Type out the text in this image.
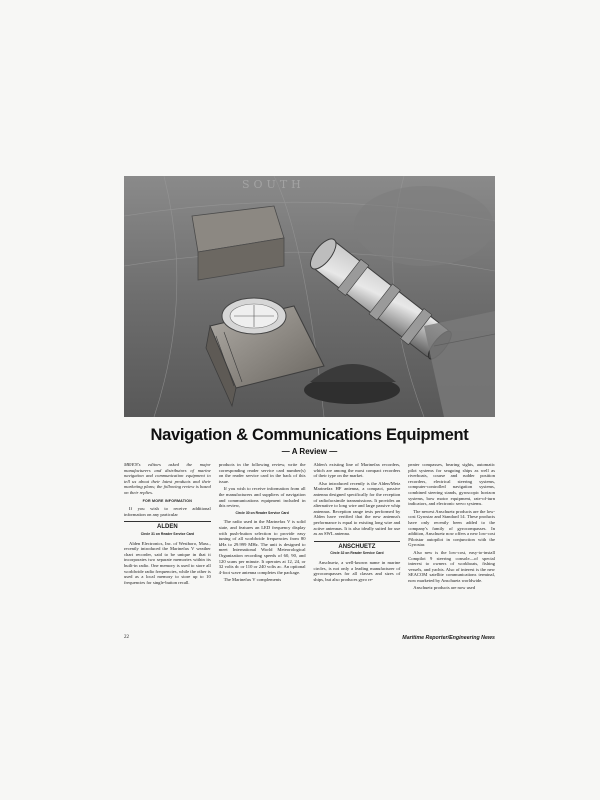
SOUTH
Navigation & Communications Equipment
— A Review —

MR/EN's editors asked the major manufacturers and distributors of marine navigation and communication equipment to tell us about their latest products and their marketing plans; the following review is based on their replies.

FOR MORE INFORMATION

If you wish to receive additional information on any particular

ALDEN
Circle 31 on Reader Service Card

Alden Electronics, Inc. of Westboro, Mass., recently introduced the Marinefax V weather chart recorder, said to be unique in that it incorporates two separate memories within its built-in radio. One memory is used to store all worldwide radio frequencies, while the other is used as a local memory to store up to 10 frequencies for single-button recall.

products in the following review, write the corresponding reader service card number(s) on the reader service card in the back of this issue.

If you wish to receive information from all the manufacturers and suppliers of navigation and communications equipment included in this review,

Circle 30 on Reader Service Card

The radio used in the Marinefax V is solid state, and features an LED frequency display with push-button selection to provide easy tuning of all worldwide frequencies from 80 kHz to 29.999 MHz. The unit is designed to meet International World Meteorological Organization recording speeds of 60, 90, and 120 scans per minute. It operates at 12, 24, or 32 volts dc or 110 or 240 volts ac. An optional 4-foot wave antenna completes the package.

The Marinefax V complements

Alden's existing line of Marinefax recorders, which are among the most compact recorders of their type on the market.

Also introduced recently is the Alden/Metz Marinefax HF antenna, a compact, passive antenna designed specifically for the reception of radiofacsimile transmissions. It provides an alternative to long wire and large passive whip antennas. Reception range tests performed by Alden have verified that the new antenna's performance is equal to existing long wire and active antennas. It is also ideally suited for use as an SWL antenna.

ANSCHUETZ
Circle 32 on Reader Service Card

Anschuetz, a well-known name in marine circles, is not only a leading manufacturer of gyrocompasses for all classes and sizes of ships, but also produces gyro re-

peater compasses, bearing sights, automatic pilot systems for seagoing ships as well as riverboats, course and rudder position recorders, electrical steering systems, computer-controlled navigation systems, combined steering stands, gyroscopic horizon systems, bow motor equipment, rate-of-turn indicators, and electronic servo systems.

The newest Anschuetz products are the low-cost Gyrostar and Standard 14. These products have only recently been added to the company's family of gyrocompasses. In addition, Anschuetz now offers a new low-cost Pilotstar autopilot in conjunction with the Gyrostar.

Also new is the low-cost, easy-to-install Compilot 9 steering console—of special interest to owners of workboats, fishing vessels, and yachts. Also of interest is the new SEACOM satellite communications terminal, now marketed by Anschuetz worldwide.

Anschuetz products are now used

22	Maritime Reporter/Engineering News
